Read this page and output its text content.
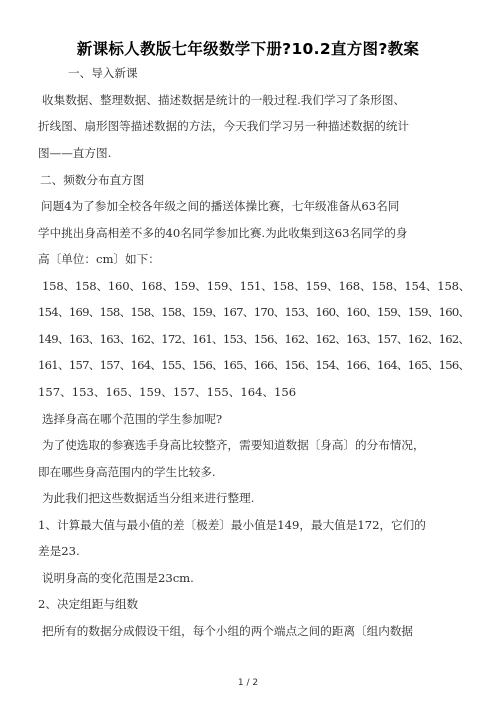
新课标人教版七年级数学下册?10.2直方图?教案
一、导入新课
收集数据、整理数据、描述数据是统计的一般过程.我们学习了条形图、
折线图、扇形图等描述数据的方法，今天我们学习另一种描述数据的统计
图——直方图.
二、频数分布直方图
问题4为了参加全校各年级之间的播送体操比赛，七年级准备从63名同
学中挑出身高相差不多的40名同学参加比赛.为此收集到这63名同学的身
高〔单位：cm〕如下：
158、158、160、168、159、159、151、158、159、168、158、154、158、
154、169、158、158、158、159、167、170、153、160、160、159、159、160、
149、163、163、162、172、161、153、156、162、162、163、157、162、162、
161、157、157、164、155、156、165、166、156、154、166、164、165、156、
157、153、165、159、157、155、164、156
选择身高在哪个范围的学生参加呢?
为了使选取的参赛选手身高比较整齐，需要知道数据〔身高〕的分布情况，
即在哪些身高范围内的学生比较多.
为此我们把这些数据适当分组来进行整理.
1、计算最大值与最小值的差〔极差〕最小值是149，最大值是172，它们的
差是23.
说明身高的变化范围是23cm.
2、决定组距与组数
把所有的数据分成假设干组，每个小组的两个端点之间的距离〔组内数据
1 / 2
